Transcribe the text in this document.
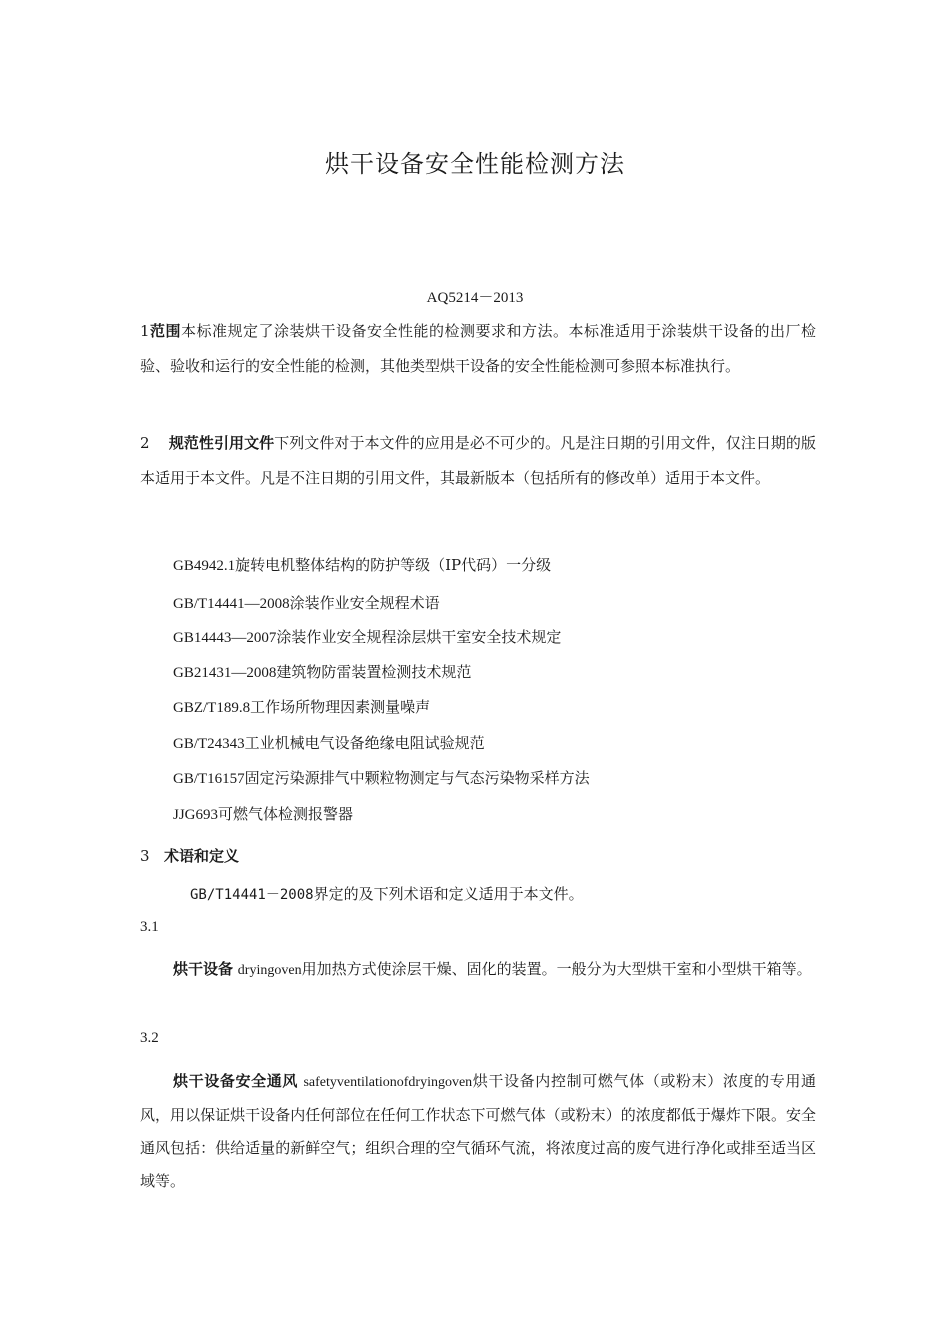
烘干设备安全性能检测方法
AQ5214－2013
1范围本标准规定了涂装烘干设备安全性能的检测要求和方法。本标准适用于涂装烘干设备的出厂检验、验收和运行的安全性能的检测，其他类型烘干设备的安全性能检测可参照本标准执行。
2 规范性引用文件下列文件对于本文件的应用是必不可少的。凡是注日期的引用文件，仅注日期的版本适用于本文件。凡是不注日期的引用文件，其最新版本（包括所有的修改单）适用于本文件。
GB4942.1旋转电机整体结构的防护等级（IP代码）一分级
GB/T14441—2008涂装作业安全规程术语
GB14443—2007涂装作业安全规程涂层烘干室安全技术规定
GB21431—2008建筑物防雷装置检测技术规范
GBZ/T189.8工作场所物理因素测量噪声
GB/T24343工业机械电气设备绝缘电阻试验规范
GB/T16157固定污染源排气中颗粒物测定与气态污染物采样方法
JJG693可燃气体检测报警器
3 术语和定义
GB/T14441－2008界定的及下列术语和定义适用于本文件。
3.1
烘干设备 dryingoven用加热方式使涂层干燥、固化的装置。一般分为大型烘干室和小型烘干箱等。
3.2
烘干设备安全通风 safetyventilationofdryingoven烘干设备内控制可燃气体（或粉末）浓度的专用通风，用以保证烘干设备内任何部位在任何工作状态下可燃气体（或粉末）的浓度都低于爆炸下限。安全通风包括：供给适量的新鲜空气；组织合理的空气循环气流，将浓度过高的废气进行净化或排至适当区域等。
